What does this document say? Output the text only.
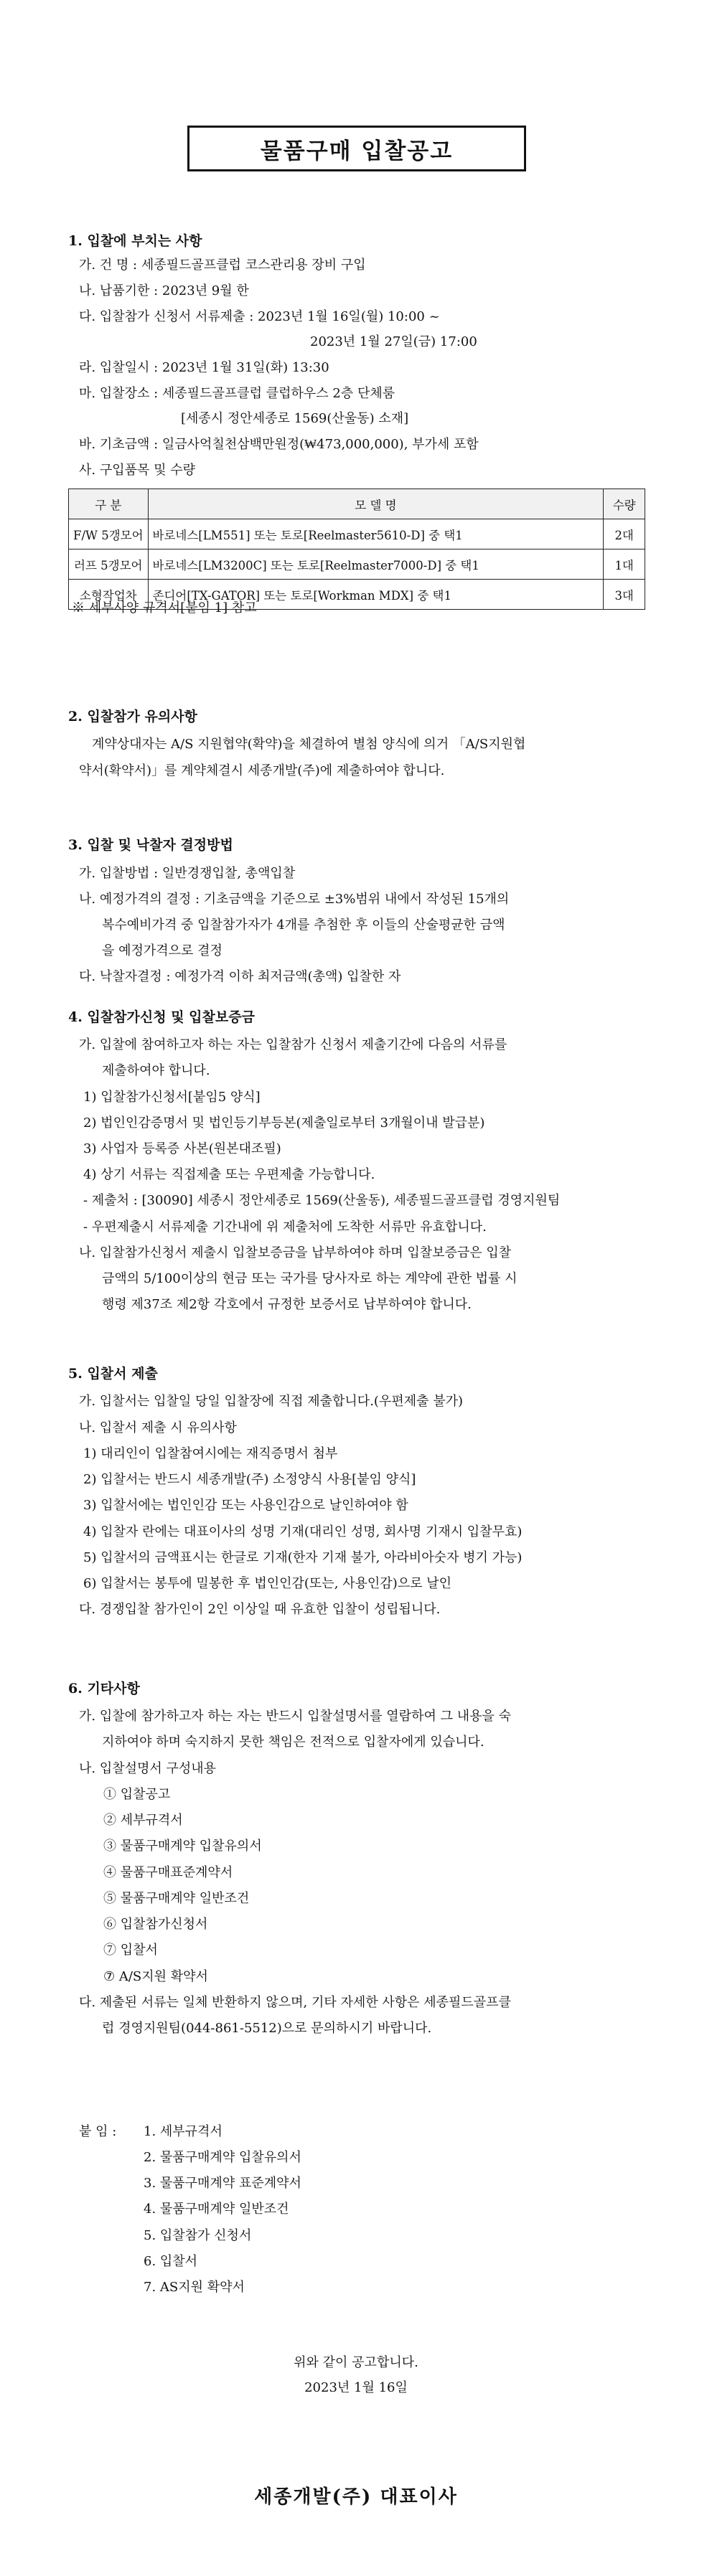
물품구매 입찰공고
1. 입찰에 부치는 사항
가. 건 명 : 세종필드골프클럽 코스관리용 장비 구입
나. 납품기한 : 2023년 9월 한
다. 입찰참가 신청서 서류제출 : 2023년 1월 16일(월) 10:00 ~
2023년 1월 27일(금) 17:00
라. 입찰일시 : 2023년 1월 31일(화) 13:30
마. 입찰장소 : 세종필드골프클럽 클럽하우스 2층 단체룸
[세종시 정안세종로 1569(산울동) 소재]
바. 기초금액 : 일금사억칠천삼백만원정(₩473,000,000), 부가세 포함
사. 구입품목 및 수량
구 분	모 델 명	수량
F/W 5갱모어	바로네스[LM551] 또는 토로[Reelmaster5610-D] 중 택1	2대
러프 5갱모어	바로네스[LM3200C] 또는 토로[Reelmaster7000-D] 중 택1	1대
소형작업차	존디어[TX-GATOR] 또는 토로[Workman MDX] 중 택1	3대
※ 세부사양 규격서[붙임 1] 참고
2. 입찰참가 유의사항
계약상대자는 A/S 지원협약(확약)을 체결하여 별첨 양식에 의거 「A/S지원협
약서(확약서)」를 계약체결시 세종개발(주)에 제출하여야 합니다.
3. 입찰 및 낙찰자 결정방법
가. 입찰방법 : 일반경쟁입찰, 총액입찰
나. 예정가격의 결정 : 기초금액을 기준으로 ±3%범위 내에서 작성된 15개의
복수예비가격 중 입찰참가자가 4개를 추첨한 후 이들의 산술평균한 금액
을 예정가격으로 결정
다. 낙찰자결정 : 예정가격 이하 최저금액(총액) 입찰한 자
4. 입찰참가신청 및 입찰보증금
가. 입찰에 참여하고자 하는 자는 입찰참가 신청서 제출기간에 다음의 서류를
제출하여야 합니다.
1) 입찰참가신청서[붙임5 양식]
2) 법인인감증명서 및 법인등기부등본(제출일로부터 3개월이내 발급분)
3) 사업자 등록증 사본(원본대조필)
4) 상기 서류는 직접제출 또는 우편제출 가능합니다.
- 제출처 : [30090] 세종시 정안세종로 1569(산울동), 세종필드골프클럽 경영지원팀
- 우편제출시 서류제출 기간내에 위 제출처에 도착한 서류만 유효합니다.
나. 입찰참가신청서 제출시 입찰보증금을 납부하여야 하며 입찰보증금은 입찰
금액의 5/100이상의 현금 또는 국가를 당사자로 하는 계약에 관한 법률 시
행령 제37조 제2항 각호에서 규정한 보증서로 납부하여야 합니다.
5. 입찰서 제출
가. 입찰서는 입찰일 당일 입찰장에 직접 제출합니다.(우편제출 불가)
나. 입찰서 제출 시 유의사항
1) 대리인이 입찰참여시에는 재직증명서 첨부
2) 입찰서는 반드시 세종개발(주) 소정양식 사용[붙임 양식]
3) 입찰서에는 법인인감 또는 사용인감으로 날인하여야 함
4) 입찰자 란에는 대표이사의 성명 기재(대리인 성명, 회사명 기재시 입찰무효)
5) 입찰서의 금액표시는 한글로 기재(한자 기재 불가, 아라비아숫자 병기 가능)
6) 입찰서는 봉투에 밀봉한 후 법인인감(또는, 사용인감)으로 날인
다. 경쟁입찰 참가인이 2인 이상일 때 유효한 입찰이 성립됩니다.
6. 기타사항
가. 입찰에 참가하고자 하는 자는 반드시 입찰설명서를 열람하여 그 내용을 숙
지하여야 하며 숙지하지 못한 책임은 전적으로 입찰자에게 있습니다.
나. 입찰설명서 구성내용
① 입찰공고
② 세부규격서
③ 물품구매계약 입찰유의서
④ 물품구매표준계약서
⑤ 물품구매계약 일반조건
⑥ 입찰참가신청서
⑦ 입찰서
⑦ A/S지원 확약서
다. 제출된 서류는 일체 반환하지 않으며, 기타 자세한 사항은 세종필드골프클
럽 경영지원팀(044-861-5512)으로 문의하시기 바랍니다.
붙 임 : 1. 세부규격서
2. 물품구매계약 입찰유의서
3. 물품구매계약 표준계약서
4. 물품구매계약 일반조건
5. 입찰참가 신청서
6. 입찰서
7. AS지원 확약서
위와 같이 공고합니다.
2023년 1월 16일
세종개발(주) 대표이사
